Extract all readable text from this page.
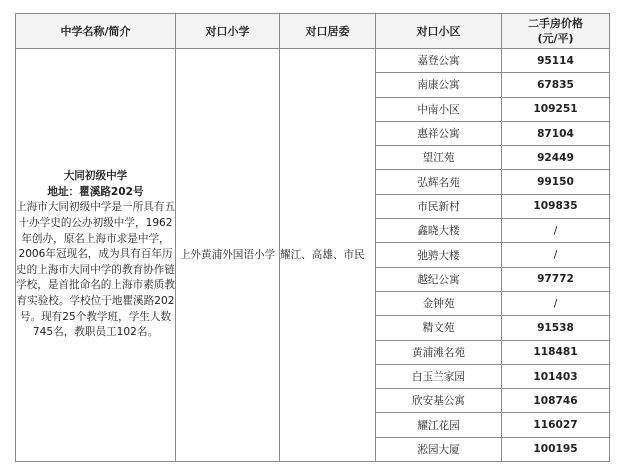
中学名称/简介	对口小学	对口居委	对口小区	二手房价格
(元/平)

大同初级中学
地址：瞿溪路202号
上海市大同初级中学是一所具有五十办学史的公办初级中学，1962年创办，原名上海市求是中学，2006年冠现名，成为具有百年历史的上海市大同中学的教育协作链学校，是首批命名的上海市素质教育实验校。学校位于地瞿溪路202号。现有25个教学班，学生人数745名，教职员工102名。	上外黄浦外国语小学	耀江、高雄、市民	嘉登公寓	95114
			南康公寓	67835
			中南小区	109251
			惠祥公寓	87104
			望江苑	92449
			弘辉名苑	99150
			市民新村	109835
			鑫晓大楼	/
			弛骋大楼	/
			越纪公寓	97772
			金钟苑	/
			精文苑	91538
			黄浦滩名苑	118481
			白玉兰家园	101403
			欣安基公寓	108746
			耀江花园	116027
			淞园大厦	100195
